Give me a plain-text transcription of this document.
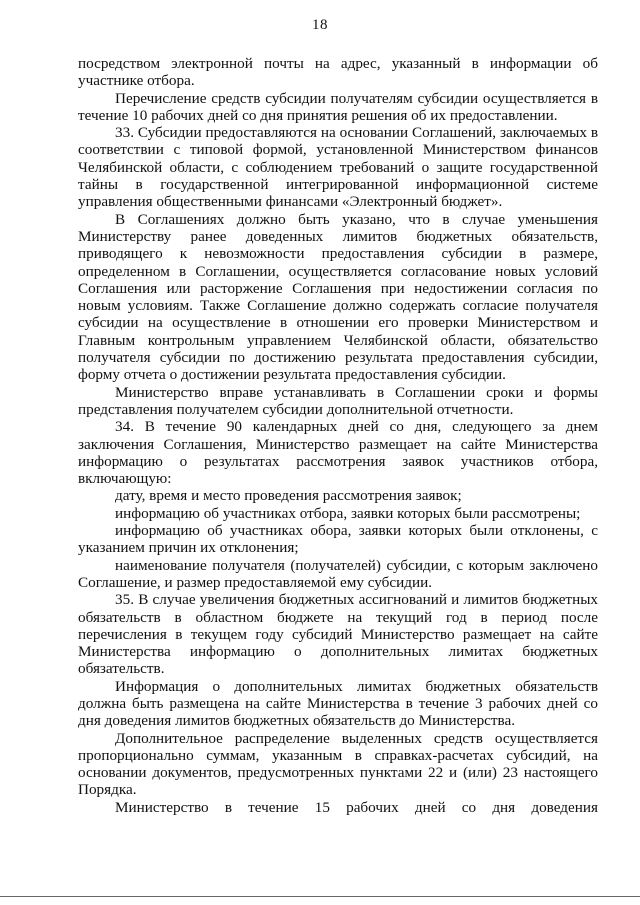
18

посредством электронной почты на адрес, указанный в информации об участнике отбора.

Перечисление средств субсидии получателям субсидии осуществляется в течение 10 рабочих дней со дня принятия решения об их предоставлении.

33. Субсидии предоставляются на основании Соглашений, заключаемых в соответствии с типовой формой, установленной Министерством финансов Челябинской области, с соблюдением требований о защите государственной тайны в государственной интегрированной информационной системе управления общественными финансами «Электронный бюджет».

В Соглашениях должно быть указано, что в случае уменьшения Министерству ранее доведенных лимитов бюджетных обязательств, приводящего к невозможности предоставления субсидии в размере, определенном в Соглашении, осуществляется согласование новых условий Соглашения или расторжение Соглашения при недостижении согласия по новым условиям. Также Соглашение должно содержать согласие получателя субсидии на осуществление в отношении его проверки Министерством и Главным контрольным управлением Челябинской области, обязательство получателя субсидии по достижению результата предоставления субсидии, форму отчета о достижении результата предоставления субсидии.

Министерство вправе устанавливать в Соглашении сроки и формы представления получателем субсидии дополнительной отчетности.

34. В течение 90 календарных дней со дня, следующего за днем заключения Соглашения, Министерство размещает на сайте Министерства информацию о результатах рассмотрения заявок участников отбора, включающую:

дату, время и место проведения рассмотрения заявок;

информацию об участниках отбора, заявки которых были рассмотрены;

информацию об участниках обора, заявки которых были отклонены, с указанием причин их отклонения;

наименование получателя (получателей) субсидии, с которым заключено Соглашение, и размер предоставляемой ему субсидии.

35. В случае увеличения бюджетных ассигнований и лимитов бюджетных обязательств в областном бюджете на текущий год в период после перечисления в текущем году субсидий Министерство размещает на сайте Министерства информацию о дополнительных лимитах бюджетных обязательств.

Информация о дополнительных лимитах бюджетных обязательств должна быть размещена на сайте Министерства в течение 3 рабочих дней со дня доведения лимитов бюджетных обязательств до Министерства.

Дополнительное распределение выделенных средств осуществляется пропорционально суммам, указанным в справках-расчетах субсидий, на основании документов, предусмотренных пунктами 22 и (или) 23 настоящего Порядка.

Министерство в течение 15 рабочих дней со дня доведения
